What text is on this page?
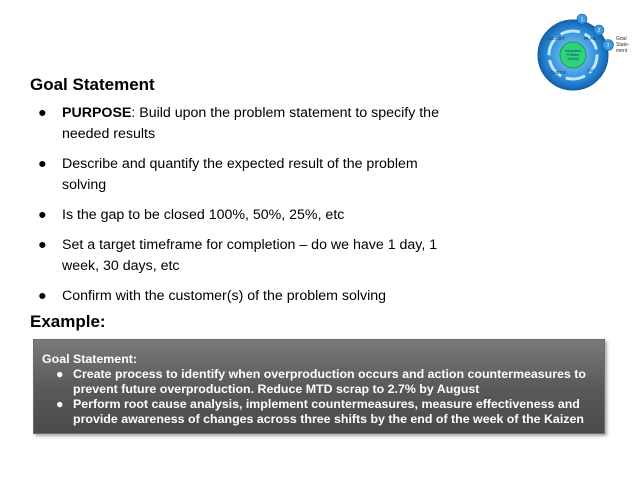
Integrated
Problem
Solving
ADJUST	PLAN
CHECK	DO
1
2
3
Goal
State-
ment
Goal Statement
● PURPOSE: Build upon the problem statement to specify the needed results
● Describe and quantify the expected result of the problem solving
● Is the gap to be closed 100%, 50%, 25%, etc
● Set a target timeframe for completion – do we have 1 day, 1 week, 30 days, etc
● Confirm with the customer(s) of the problem solving
Example:
Goal Statement:
● Create process to identify when overproduction occurs and action countermeasures to prevent future overproduction. Reduce MTD scrap to 2.7% by August
● Perform root cause analysis, implement countermeasures, measure effectiveness and provide awareness of changes across three shifts by the end of the week of the Kaizen
